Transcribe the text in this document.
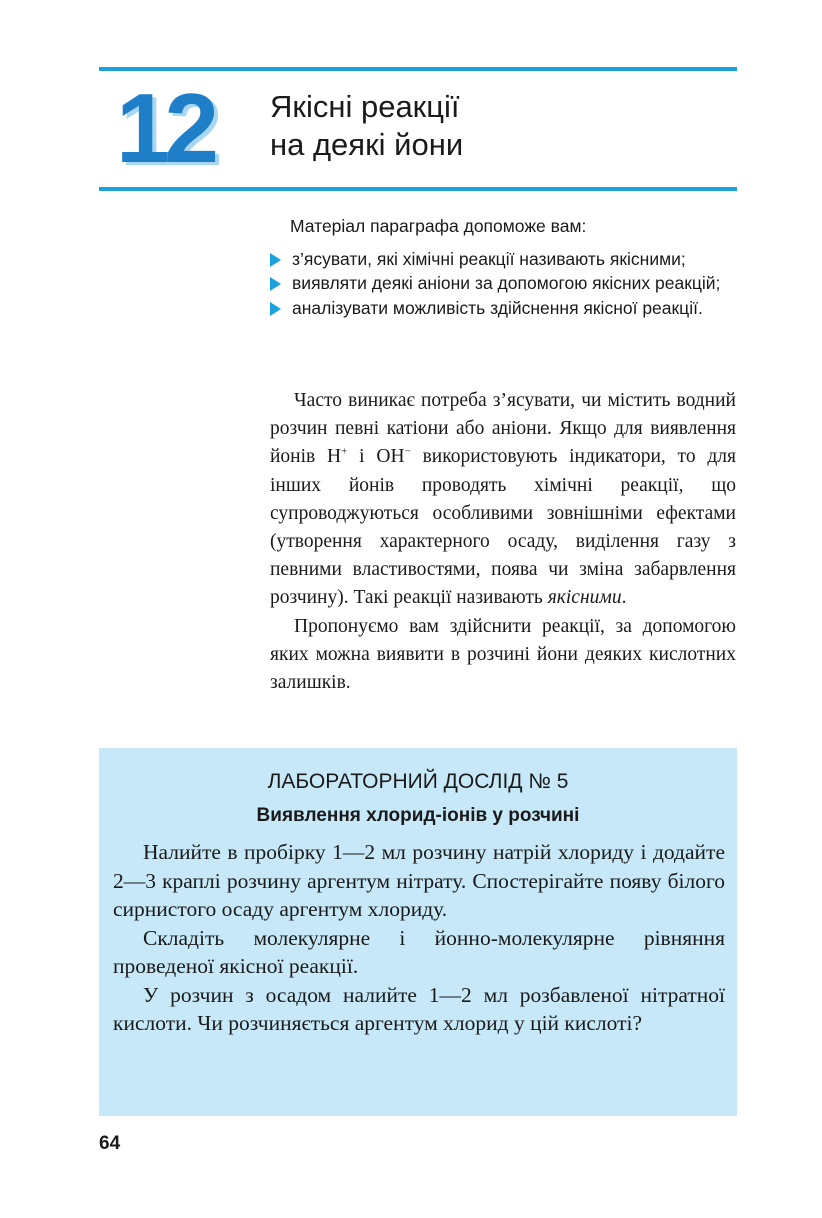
12 Якісні реакції
на деякі йони

Матеріал параграфа допоможе вам:

з’ясувати, які хімічні реакції називають якісними;
виявляти деякі аніони за допомогою якісних реакцій;
аналізувати можливість здійснення якісної реакції.

Часто виникає потреба з’ясувати, чи містить водний розчин певні катіони або аніони. Якщо для виявлення йонів H+ і OH− використовують індикатори, то для інших йонів проводять хімічні реакції, що супроводжуються особливими зовнішніми ефектами (утворення характерного осаду, виділення газу з певними властивостями, поява чи зміна забарвлення розчину). Такі реакції називають якісними.

Пропонуємо вам здійснити реакції, за допомогою яких можна виявити в розчині йони деяких кислотних залишків.

ЛАБОРАТОРНИЙ ДОСЛІД № 5
Виявлення хлорид-іонів у розчині

Налийте в пробірку 1—2 мл розчину натрій хлориду і додайте 2—3 краплі розчину аргентум нітрату. Спостерігайте появу білого сирнистого осаду аргентум хлориду.

Складіть молекулярне і йонно-молекулярне рівняння проведеної якісної реакції.

У розчин з осадом налийте 1—2 мл розбавленої нітратної кислоти. Чи розчиняється аргентум хлорид у цій кислоті?

64
